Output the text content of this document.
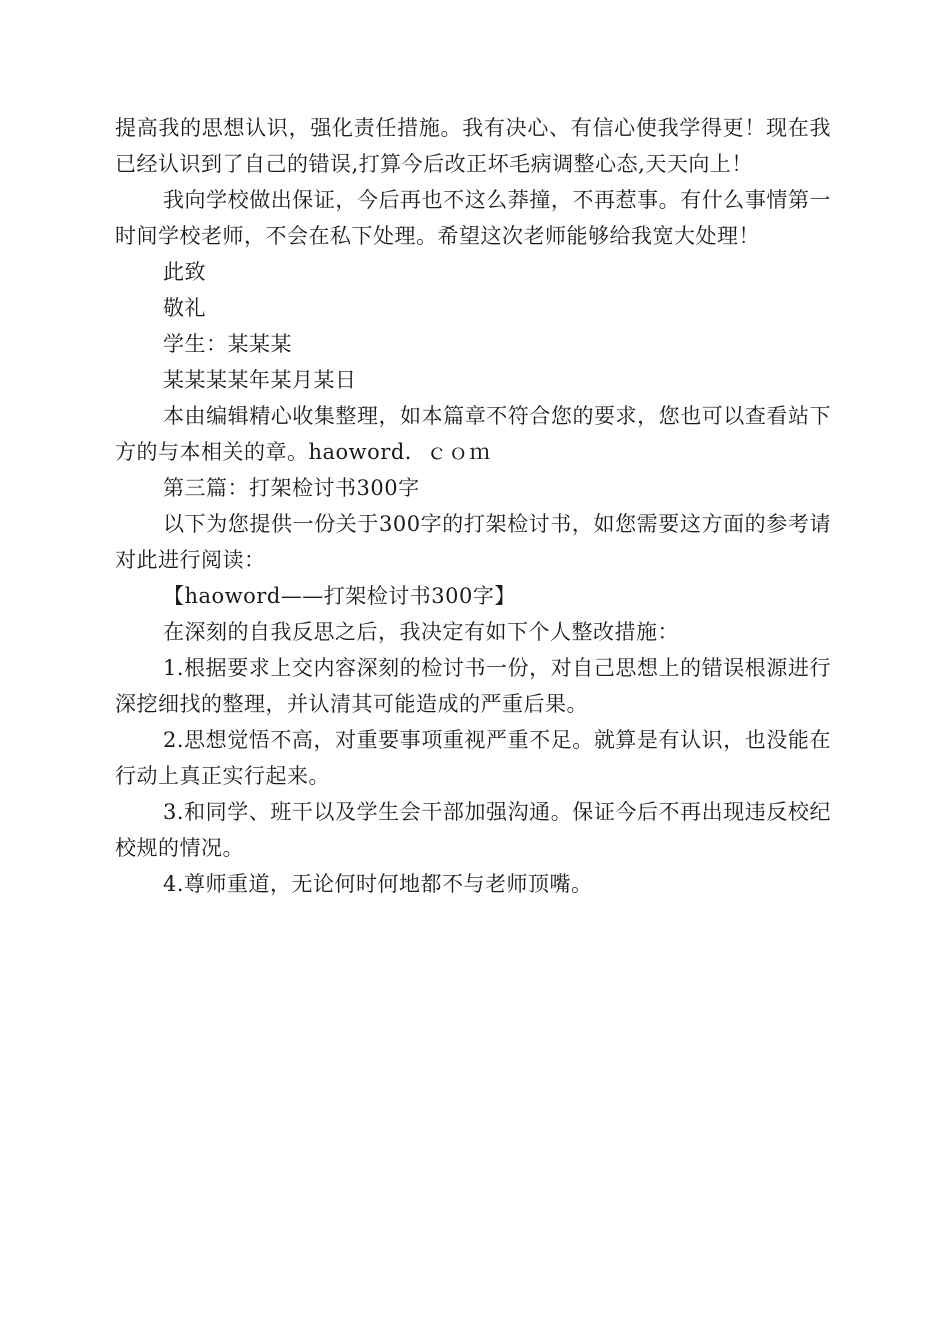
提高我的思想认识，强化责任措施。我有决心、有信心使我学得更！现在我已经认识到了自己的错误,打算今后改正坏毛病调整心态,天天向上！

我向学校做出保证，今后再也不这么莽撞，不再惹事。有什么事情第一时间学校老师，不会在私下处理。希望这次老师能够给我宽大处理！

此致

敬礼

学生：某某某

某某某某年某月某日

本由编辑精心收集整理，如本篇章不符合您的要求，您也可以查看站下方的与本相关的章。haoword．ｃｏｍ

第三篇：打架检讨书300字

以下为您提供一份关于300字的打架检讨书，如您需要这方面的参考请对此进行阅读：

【haoword——打架检讨书300字】

在深刻的自我反思之后，我决定有如下个人整改措施：

1.根据要求上交内容深刻的检讨书一份，对自己思想上的错误根源进行深挖细找的整理，并认清其可能造成的严重后果。

2.思想觉悟不高，对重要事项重视严重不足。就算是有认识，也没能在行动上真正实行起来。

3.和同学、班干以及学生会干部加强沟通。保证今后不再出现违反校纪校规的情况。

4.尊师重道，无论何时何地都不与老师顶嘴。
